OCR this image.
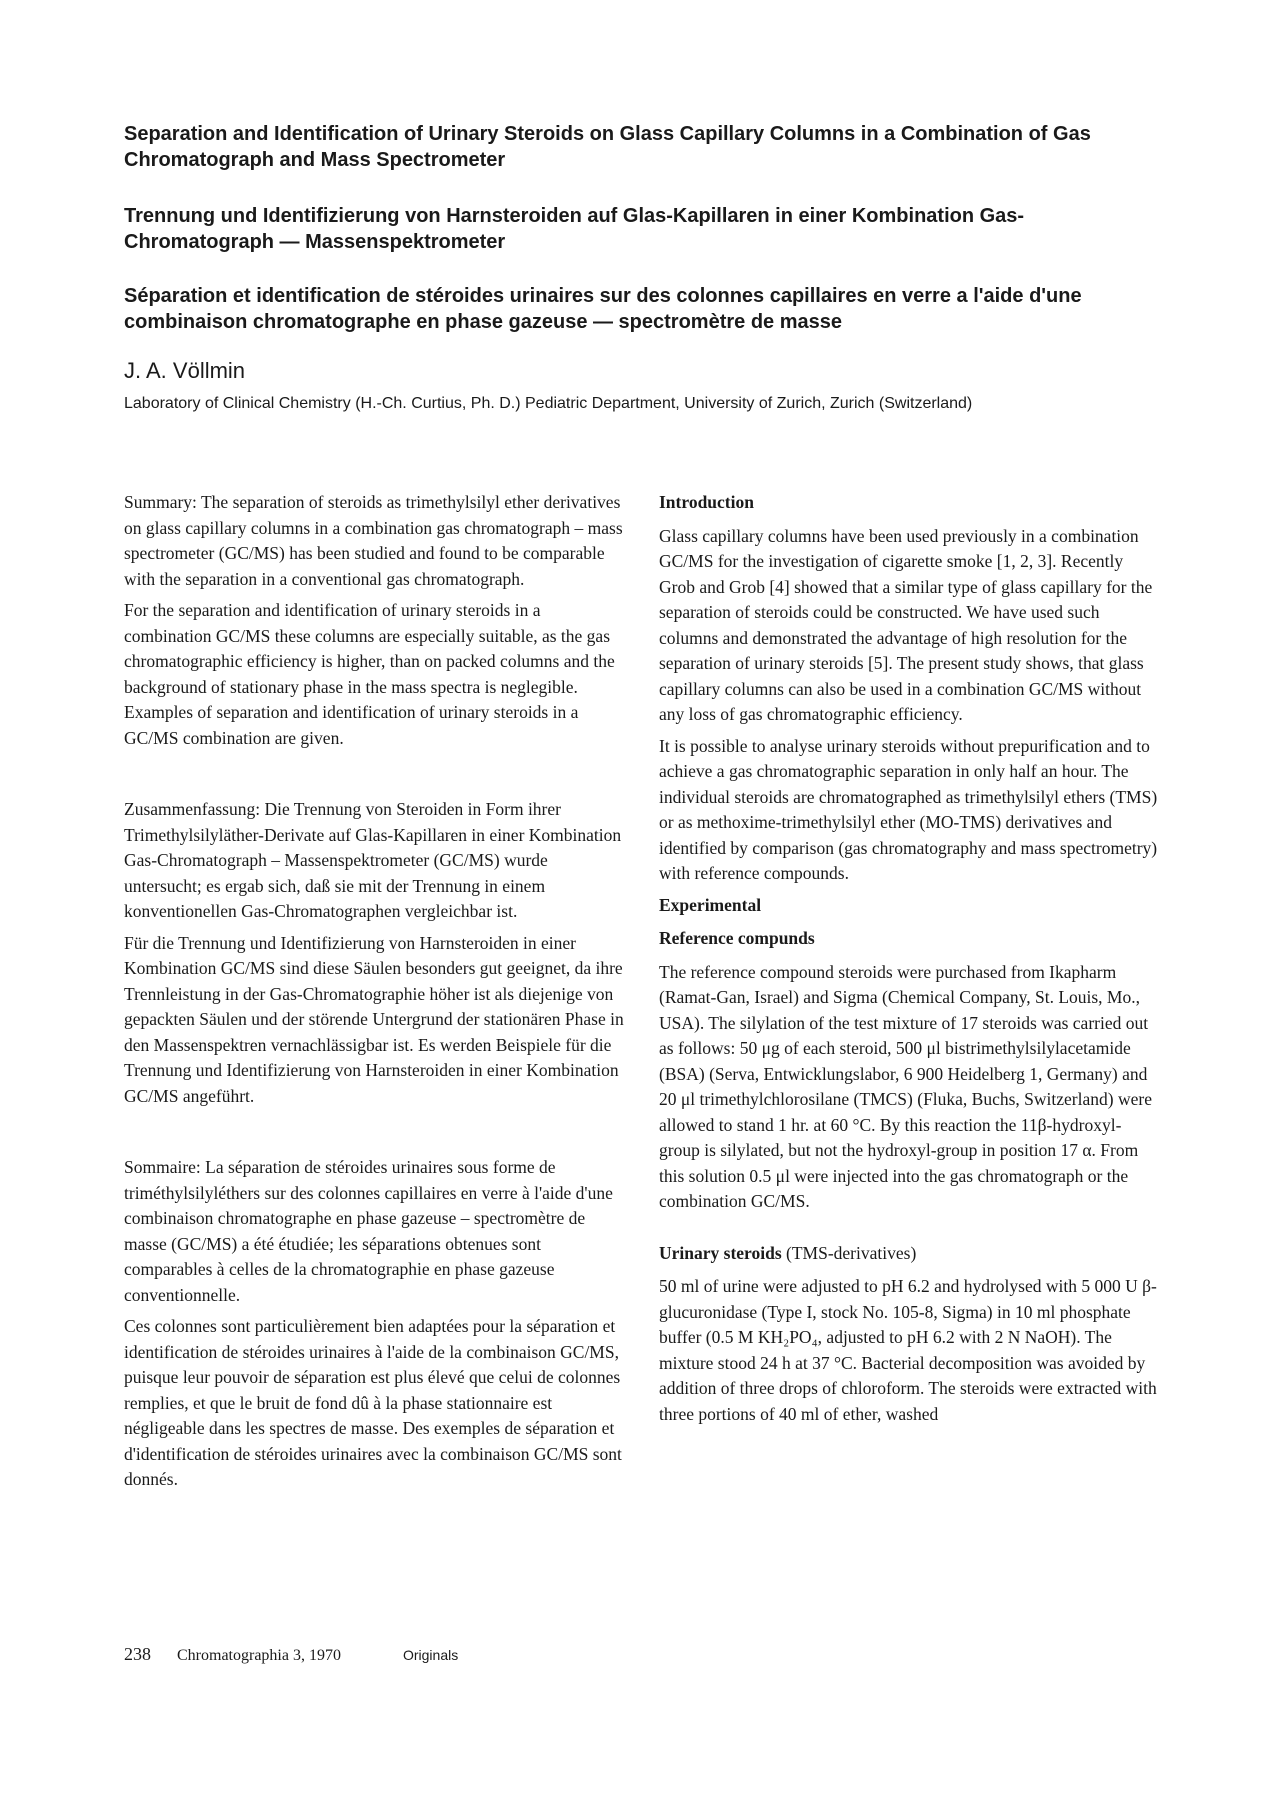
Separation and Identification of Urinary Steroids on Glass Capillary Columns in a Combination of Gas Chromatograph and Mass Spectrometer
Trennung und Identifizierung von Harnsteroiden auf Glas-Kapillaren in einer Kombination Gas-Chromatograph — Massenspektrometer
Séparation et identification de stéroides urinaires sur des colonnes capillaires en verre a l'aide d'une combinaison chromatographe en phase gazeuse — spectromètre de masse

J. A. Völlmin

Laboratory of Clinical Chemistry (H.-Ch. Curtius, Ph. D.) Pediatric Department, University of Zurich, Zurich (Switzerland)

Summary: The separation of steroids as trimethylsilyl ether derivatives on glass capillary columns in a combination gas chromatograph – mass spectrometer (GC/MS) has been studied and found to be comparable with the separation in a conventional gas chromatograph.

For the separation and identification of urinary steroids in a combination GC/MS these columns are especially suitable, as the gas chromatographic efficiency is higher, than on packed columns and the background of stationary phase in the mass spectra is neglegible. Examples of separation and identification of urinary steroids in a GC/MS combination are given.

Zusammenfassung: Die Trennung von Steroiden in Form ihrer Trimethylsilyläther-Derivate auf Glas-Kapillaren in einer Kombination Gas-Chromatograph – Massenspektrometer (GC/MS) wurde untersucht; es ergab sich, daß sie mit der Trennung in einem konventionellen Gas-Chromatographen vergleichbar ist.

Für die Trennung und Identifizierung von Harnsteroiden in einer Kombination GC/MS sind diese Säulen besonders gut geeignet, da ihre Trennleistung in der Gas-Chromatographie höher ist als diejenige von gepackten Säulen und der störende Untergrund der stationären Phase in den Massenspektren vernachlässigbar ist. Es werden Beispiele für die Trennung und Identifizierung von Harnsteroiden in einer Kombination GC/MS angeführt.

Sommaire: La séparation de stéroides urinaires sous forme de triméthylsilyléthers sur des colonnes capillaires en verre à l'aide d'une combinaison chromatographe en phase gazeuse – spectromètre de masse (GC/MS) a été étudiée; les séparations obtenues sont comparables à celles de la chromatographie en phase gazeuse conventionnelle.

Ces colonnes sont particulièrement bien adaptées pour la séparation et identification de stéroides urinaires à l'aide de la combinaison GC/MS, puisque leur pouvoir de séparation est plus élevé que celui de colonnes remplies, et que le bruit de fond dû à la phase stationnaire est négligeable dans les spectres de masse. Des exemples de séparation et d'identification de stéroides urinaires avec la combinaison GC/MS sont donnés.

Introduction

Glass capillary columns have been used previously in a combination GC/MS for the investigation of cigarette smoke [1, 2, 3]. Recently Grob and Grob [4] showed that a similar type of glass capillary for the separation of steroids could be constructed. We have used such columns and demonstrated the advantage of high resolution for the separation of urinary steroids [5]. The present study shows, that glass capillary columns can also be used in a combination GC/MS without any loss of gas chromatographic efficiency.

It is possible to analyse urinary steroids without prepurification and to achieve a gas chromatographic separation in only half an hour. The individual steroids are chromatographed as trimethylsilyl ethers (TMS) or as methoxime-trimethylsilyl ether (MO-TMS) derivatives and identified by comparison (gas chromatography and mass spectrometry) with reference compounds.

Experimental

Reference compunds

The reference compound steroids were purchased from Ikapharm (Ramat-Gan, Israel) and Sigma (Chemical Company, St. Louis, Mo., USA). The silylation of the test mixture of 17 steroids was carried out as follows: 50 μg of each steroid, 500 μl bistrimethylsilylacetamide (BSA) (Serva, Entwicklungslabor, 6 900 Heidelberg 1, Germany) and 20 μl trimethylchlorosilane (TMCS) (Fluka, Buchs, Switzerland) were allowed to stand 1 hr. at 60 °C. By this reaction the 11β-hydroxyl-group is silylated, but not the hydroxyl-group in position 17 α. From this solution 0.5 μl were injected into the gas chromatograph or the combination GC/MS.

Urinary steroids (TMS-derivatives)

50 ml of urine were adjusted to pH 6.2 and hydrolysed with 5 000 U β-glucuronidase (Type I, stock No. 105-8, Sigma) in 10 ml phosphate buffer (0.5 M KH₂PO₄, adjusted to pH 6.2 with 2 N NaOH). The mixture stood 24 h at 37 °C. Bacterial decomposition was avoided by addition of three drops of chloroform. The steroids were extracted with three portions of 40 ml of ether, washed

238 Chromatographia 3, 1970	Originals
